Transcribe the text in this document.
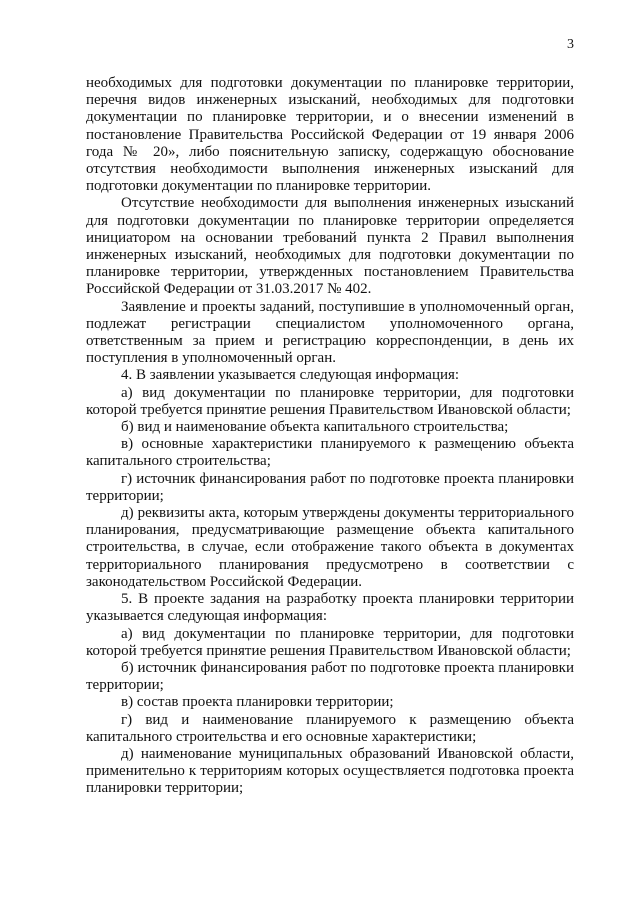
3

необходимых для подготовки документации по планировке территории, перечня видов инженерных изысканий, необходимых для подготовки документации по планировке территории, и о внесении изменений в постановление Правительства Российской Федерации от 19 января 2006 года № 20», либо пояснительную записку, содержащую обоснование отсутствия необходимости выполнения инженерных изысканий для подготовки документации по планировке территории.

Отсутствие необходимости для выполнения инженерных изысканий для подготовки документации по планировке территории определяется инициатором на основании требований пункта 2 Правил выполнения инженерных изысканий, необходимых для подготовки документации по планировке территории, утвержденных постановлением Правительства Российской Федерации от 31.03.2017 № 402.

Заявление и проекты заданий, поступившие в уполномоченный орган, подлежат регистрации специалистом уполномоченного органа, ответственным за прием и регистрацию корреспонденции, в день их поступления в уполномоченный орган.

4. В заявлении указывается следующая информация:

а) вид документации по планировке территории, для подготовки которой требуется принятие решения Правительством Ивановской области;

б) вид и наименование объекта капитального строительства;

в) основные характеристики планируемого к размещению объекта капитального строительства;

г) источник финансирования работ по подготовке проекта планировки территории;

д) реквизиты акта, которым утверждены документы территориального планирования, предусматривающие размещение объекта капитального строительства, в случае, если отображение такого объекта в документах территориального планирования предусмотрено в соответствии с законодательством Российской Федерации.

5. В проекте задания на разработку проекта планировки территории указывается следующая информация:

а) вид документации по планировке территории, для подготовки которой требуется принятие решения Правительством Ивановской области;

б) источник финансирования работ по подготовке проекта планировки территории;

в) состав проекта планировки территории;

г) вид и наименование планируемого к размещению объекта капитального строительства и его основные характеристики;

д) наименование муниципальных образований Ивановской области, применительно к территориям которых осуществляется подготовка проекта планировки территории;
